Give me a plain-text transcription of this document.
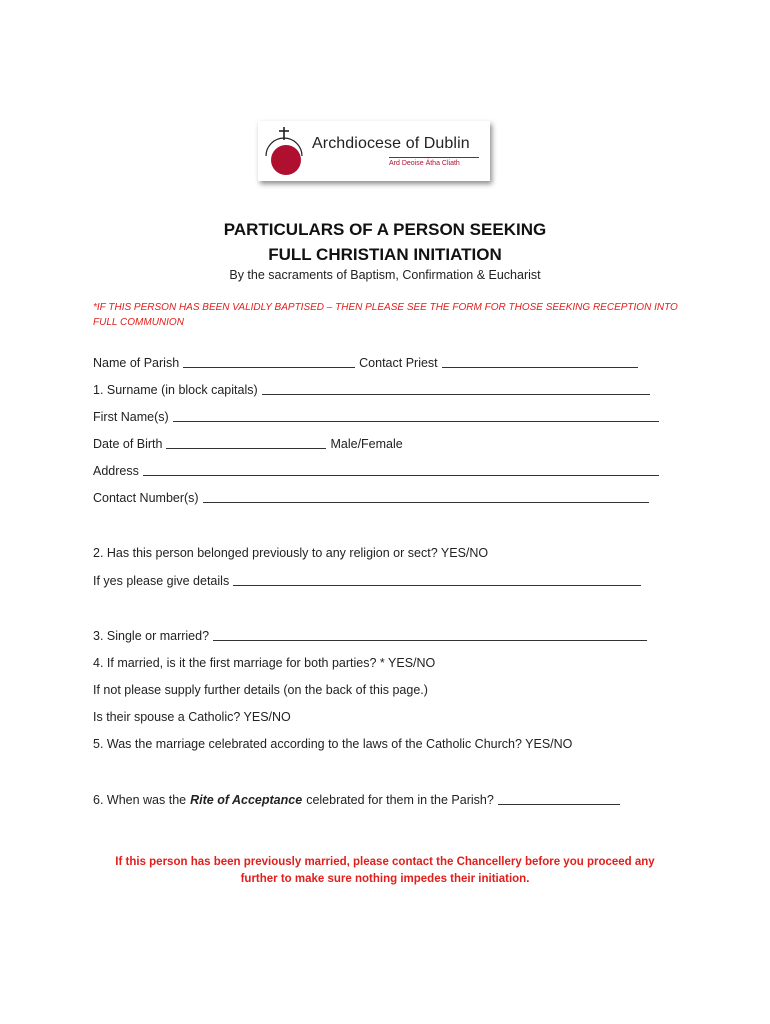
Archdiocese of Dublin
Ard Deoise Átha Cliath
PARTICULARS OF A PERSON SEEKING
FULL CHRISTIAN INITIATION
By the sacraments of Baptism, Confirmation & Eucharist
*IF THIS PERSON HAS BEEN VALIDLY BAPTISED – THEN PLEASE SEE THE FORM FOR THOSE SEEKING RECEPTION INTO FULL COMMUNION
Name of Parish	Contact Priest
1. Surname (in block capitals)
First Name(s)
Date of Birth	Male/Female
Address
Contact Number(s)
2. Has this person belonged previously to any religion or sect? YES/NO
If yes please give details
3. Single or married?
4. If married, is it the first marriage for both parties? * YES/NO
If not please supply further details (on the back of this page.)
Is their spouse a Catholic? YES/NO
5. Was the marriage celebrated according to the laws of the Catholic Church? YES/NO
6. When was the Rite of Acceptance celebrated for them in the Parish?
If this person has been previously married, please contact the Chancellery before you proceed any
further to make sure nothing impedes their initiation.
